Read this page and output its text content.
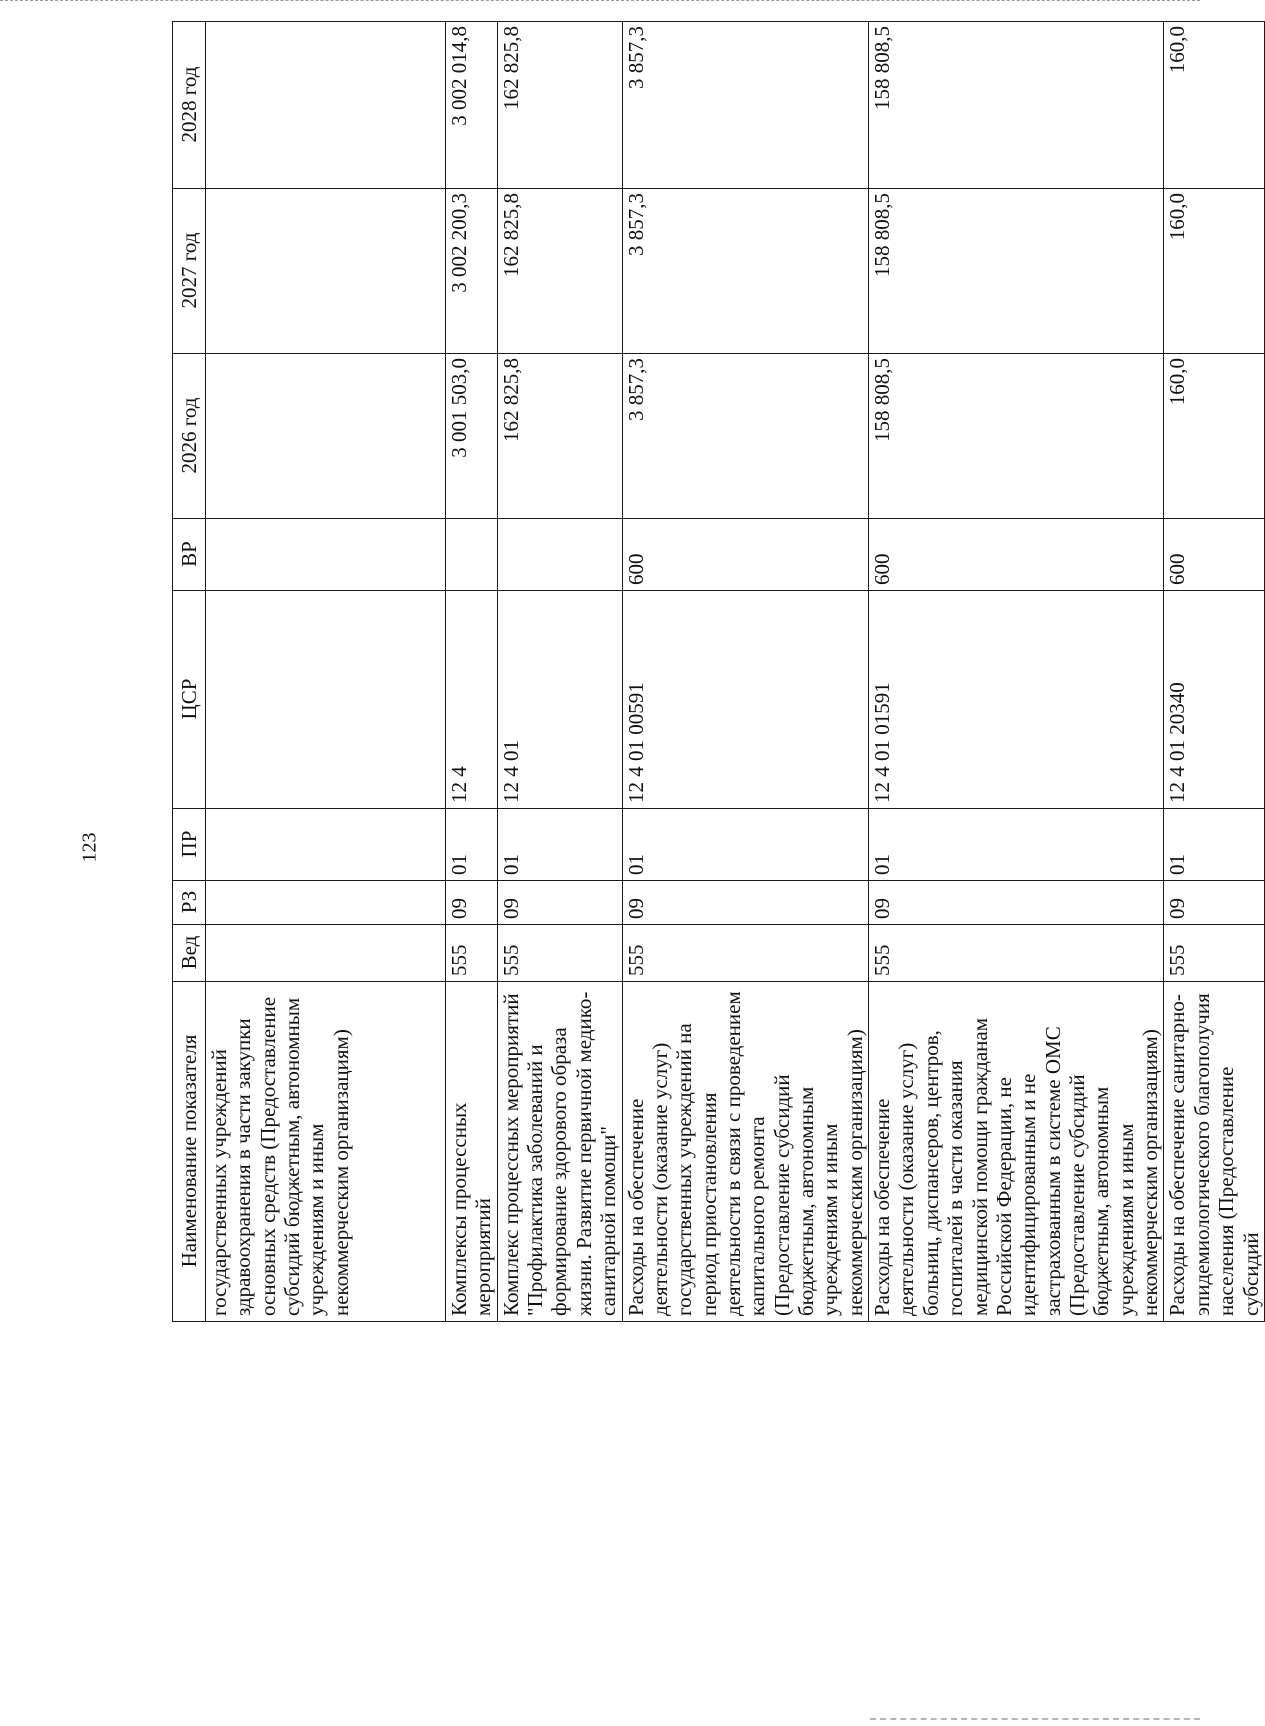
123
Наименование показателя	Вед	РЗ	ПР	ЦСР	ВР	2026 год	2027 год	2028 год
государственных учреждений здравоохранения в части закупки основных средств (Предоставление субсидий бюджетным, автономным учреждениям и иным некоммерческим организациям)								
Комплексы процессных мероприятий	555	09	01	12 4		3 001 503,0	3 002 200,3	3 002 014,8
Комплекс процессных мероприятий "Профилактика заболеваний и формирование здорового образа жизни. Развитие первичной медико-санитарной помощи"	555	09	01	12 4 01		162 825,8	162 825,8	162 825,8
Расходы на обеспечение деятельности (оказание услуг) государственных учреждений на период приостановления деятельности в связи с проведением капитального ремонта (Предоставление субсидий бюджетным, автономным учреждениям и иным некоммерческим организациям)	555	09	01	12 4 01 00591	600	3 857,3	3 857,3	3 857,3
Расходы на обеспечение деятельности (оказание услуг) больниц, диспансеров, центров, госпиталей в части оказания медицинской помощи гражданам Российской Федерации, не идентифицированным и не застрахованным в системе ОМС (Предоставление субсидий бюджетным, автономным учреждениям и иным некоммерческим организациям)	555	09	01	12 4 01 01591	600	158 808,5	158 808,5	158 808,5
Расходы на обеспечение санитарно-эпидемиологического благополучия населения (Предоставление субсидий	555	09	01	12 4 01 20340	600	160,0	160,0	160,0
